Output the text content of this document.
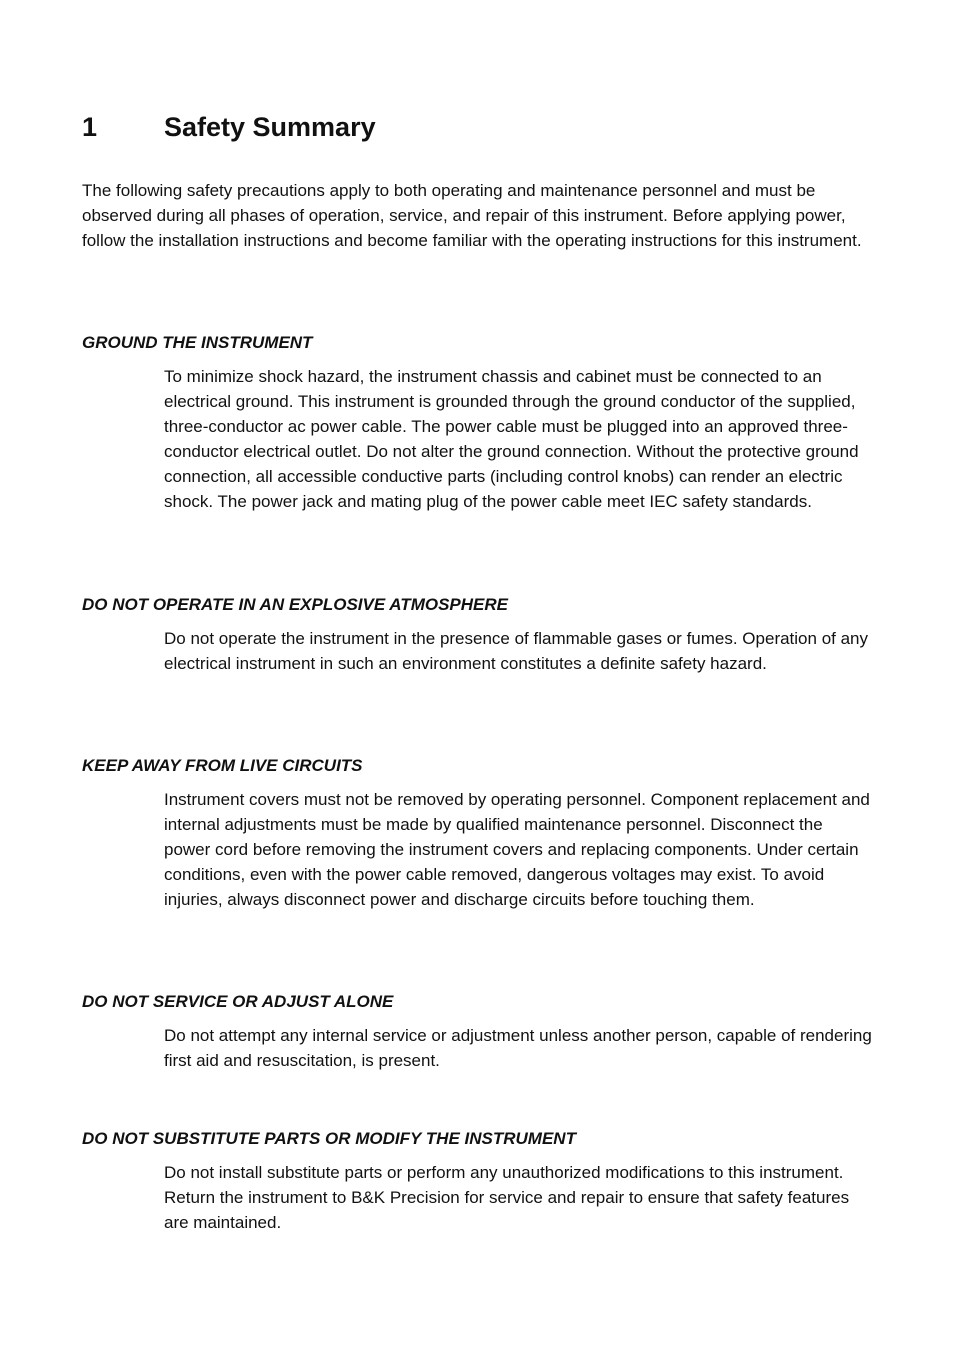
1 Safety Summary

The following safety precautions apply to both operating and maintenance personnel and must be observed during all phases of operation, service, and repair of this instrument. Before applying power, follow the installation instructions and become familiar with the operating instructions for this instrument.

GROUND THE INSTRUMENT

To minimize shock hazard, the instrument chassis and cabinet must be connected to an electrical ground. This instrument is grounded through the ground conductor of the supplied, three-conductor ac power cable. The power cable must be plugged into an approved three-conductor electrical outlet. Do not alter the ground connection. Without the protective ground connection, all accessible conductive parts (including control knobs) can render an electric shock. The power jack and mating plug of the power cable meet IEC safety standards.

DO NOT OPERATE IN AN EXPLOSIVE ATMOSPHERE

Do not operate the instrument in the presence of flammable gases or fumes. Operation of any electrical instrument in such an environment constitutes a definite safety hazard.

KEEP AWAY FROM LIVE CIRCUITS

Instrument covers must not be removed by operating personnel. Component replacement and internal adjustments must be made by qualified maintenance personnel. Disconnect the power cord before removing the instrument covers and replacing components. Under certain conditions, even with the power cable removed, dangerous voltages may exist. To avoid injuries, always disconnect power and discharge circuits before touching them.

DO NOT SERVICE OR ADJUST ALONE

Do not attempt any internal service or adjustment unless another person, capable of rendering first aid and resuscitation, is present.

DO NOT SUBSTITUTE PARTS OR MODIFY THE INSTRUMENT

Do not install substitute parts or perform any unauthorized modifications to this instrument. Return the instrument to B&K Precision for service and repair to ensure that safety features are maintained.
